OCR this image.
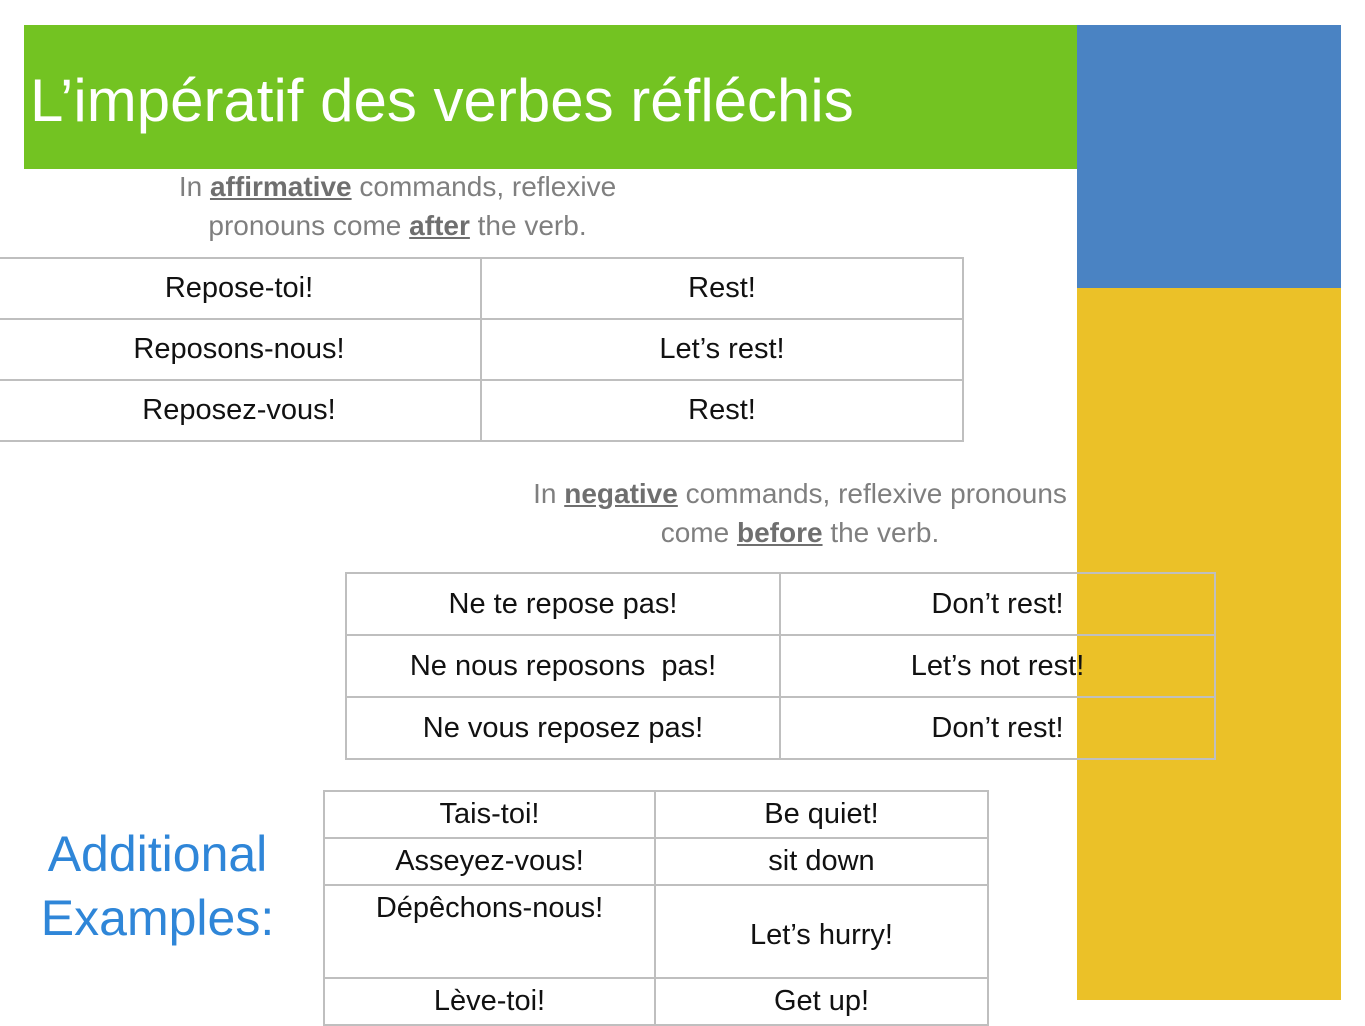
L’impératif des verbes réfléchis
In affirmative commands, reflexive
pronouns come after the verb.
Repose-toi!	Rest!
Reposons-nous!	Let’s rest!
Reposez-vous!	Rest!
In negative commands, reflexive pronouns
come before the verb.
Ne te repose pas!	Don’t rest!
Ne nous reposons  pas!	Let’s not rest!
Ne vous reposez pas!	Don’t rest!
Additional
Examples:
Tais-toi!	Be quiet!
Asseyez-vous!	sit down
Dépêchons-nous!	Let’s hurry!
Lève-toi!	Get up!
